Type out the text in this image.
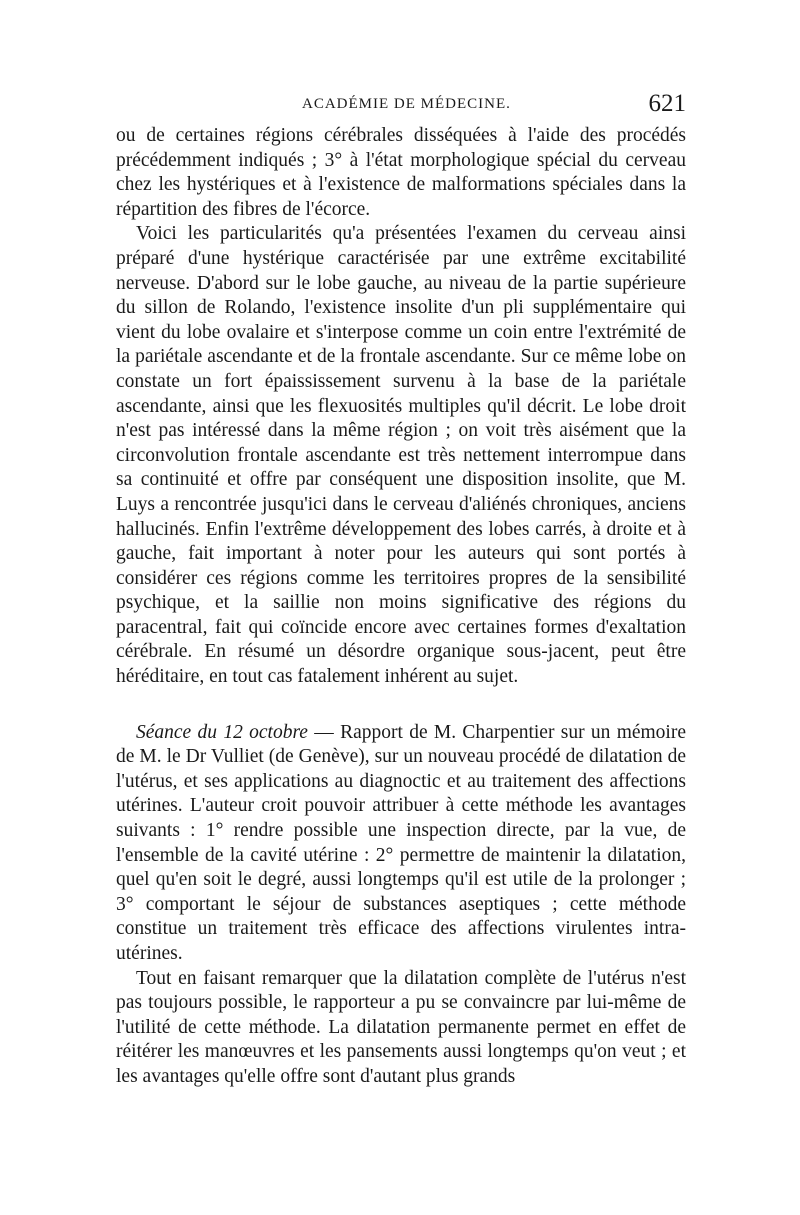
ACADÉMIE DE MÉDECINE.	621

ou de certaines régions cérébrales disséquées à l'aide des procédés précédemment indiqués ; 3° à l'état morphologique spécial du cerveau chez les hystériques et à l'existence de malformations spéciales dans la répartition des fibres de l'écorce.

Voici les particularités qu'a présentées l'examen du cerveau ainsi préparé d'une hystérique caractérisée par une extrême excitabilité nerveuse. D'abord sur le lobe gauche, au niveau de la partie supérieure du sillon de Rolando, l'existence insolite d'un pli supplémentaire qui vient du lobe ovalaire et s'interpose comme un coin entre l'extrémité de la pariétale ascendante et de la frontale ascendante. Sur ce même lobe on constate un fort épaississement survenu à la base de la pariétale ascendante, ainsi que les flexuosités multiples qu'il décrit. Le lobe droit n'est pas intéressé dans la même région ; on voit très aisément que la circonvolution frontale ascendante est très nettement interrompue dans sa continuité et offre par conséquent une disposition insolite, que M. Luys a rencontrée jusqu'ici dans le cerveau d'aliénés chroniques, anciens hallucinés. Enfin l'extrême développement des lobes carrés, à droite et à gauche, fait important à noter pour les auteurs qui sont portés à considérer ces régions comme les territoires propres de la sensibilité psychique, et la saillie non moins significative des régions du paracentral, fait qui coïncide encore avec certaines formes d'exaltation cérébrale. En résumé un désordre organique sous-jacent, peut être héréditaire, en tout cas fatalement inhérent au sujet.

Séance du 12 octobre — Rapport de M. Charpentier sur un mémoire de M. le Dr Vulliet (de Genève), sur un nouveau procédé de dilatation de l'utérus, et ses applications au diagnoctic et au traitement des affections utérines. L'auteur croit pouvoir attribuer à cette méthode les avantages suivants : 1° rendre possible une inspection directe, par la vue, de l'ensemble de la cavité utérine : 2° permettre de maintenir la dilatation, quel qu'en soit le degré, aussi longtemps qu'il est utile de la prolonger ; 3° comportant le séjour de substances aseptiques ; cette méthode constitue un traitement très efficace des affections virulentes intra-utérines.

Tout en faisant remarquer que la dilatation complète de l'utérus n'est pas toujours possible, le rapporteur a pu se convaincre par lui-même de l'utilité de cette méthode. La dilatation permanente permet en effet de réitérer les manœuvres et les pansements aussi longtemps qu'on veut ; et les avantages qu'elle offre sont d'autant plus grands
